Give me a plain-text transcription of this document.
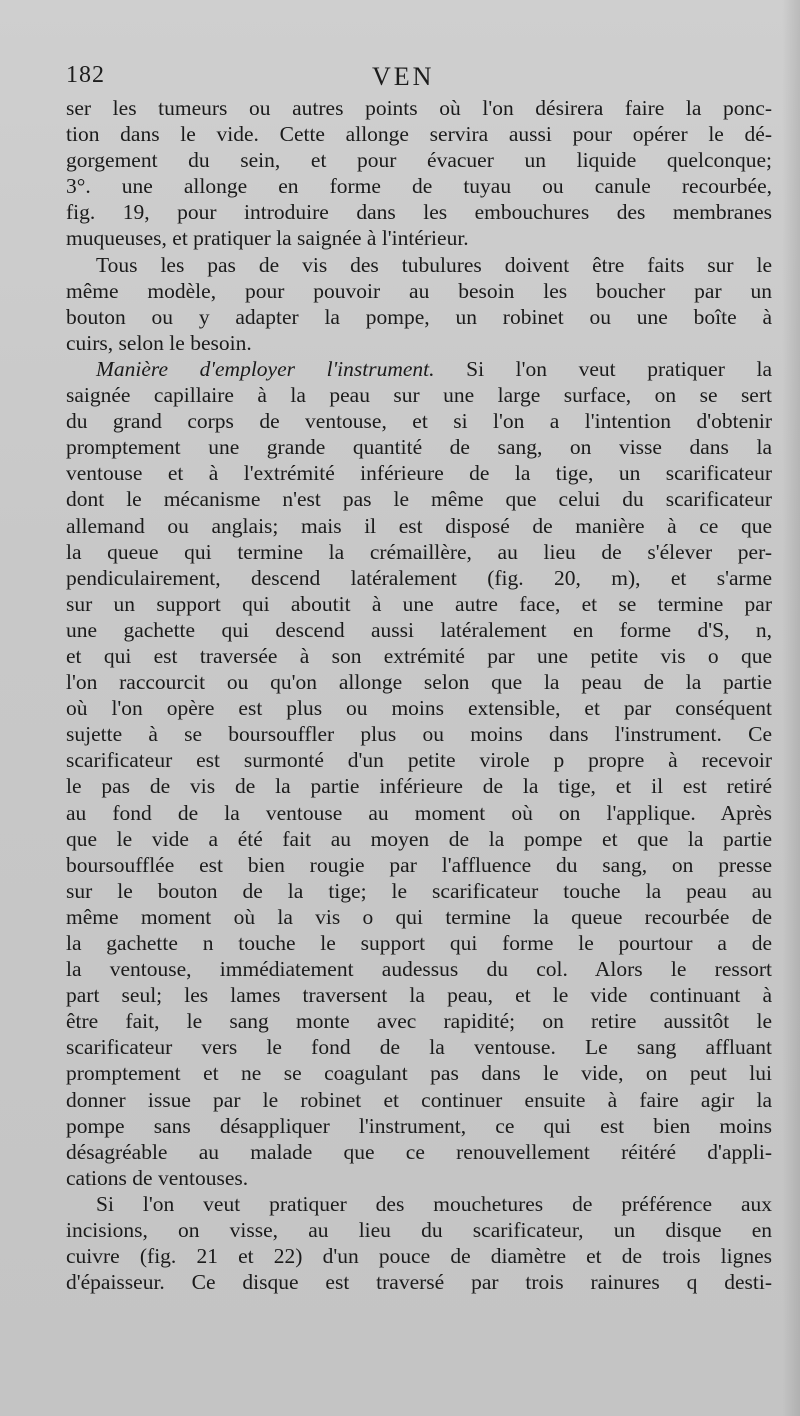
182	VEN
ser les tumeurs ou autres points où l'on désirera faire la ponc-
tion dans le vide. Cette allonge servira aussi pour opérer le dé-
gorgement du sein, et pour évacuer un liquide quelconque;
3°. une allonge en forme de tuyau ou canule recourbée,
fig. 19, pour introduire dans les embouchures des membranes
muqueuses, et pratiquer la saignée à l'intérieur.
Tous les pas de vis des tubulures doivent être faits sur le
même modèle, pour pouvoir au besoin les boucher par un
bouton ou y adapter la pompe, un robinet ou une boîte à
cuirs, selon le besoin.
Manière d'employer l'instrument. Si l'on veut pratiquer la
saignée capillaire à la peau sur une large surface, on se sert
du grand corps de ventouse, et si l'on a l'intention d'obtenir
promptement une grande quantité de sang, on visse dans la
ventouse et à l'extrémité inférieure de la tige, un scarificateur
dont le mécanisme n'est pas le même que celui du scarificateur
allemand ou anglais; mais il est disposé de manière à ce que
la queue qui termine la crémaillère, au lieu de s'élever per-
pendiculairement, descend latéralement (fig. 20, m), et s'arme
sur un support qui aboutit à une autre face, et se termine par
une gachette qui descend aussi latéralement en forme d'S, n,
et qui est traversée à son extrémité par une petite vis o que
l'on raccourcit ou qu'on allonge selon que la peau de la partie
où l'on opère est plus ou moins extensible, et par conséquent
sujette à se boursouffler plus ou moins dans l'instrument. Ce
scarificateur est surmonté d'un petite virole p propre à recevoir
le pas de vis de la partie inférieure de la tige, et il est retiré
au fond de la ventouse au moment où on l'applique. Après
que le vide a été fait au moyen de la pompe et que la partie
boursoufflée est bien rougie par l'affluence du sang, on presse
sur le bouton de la tige; le scarificateur touche la peau au
même moment où la vis o qui termine la queue recourbée de
la gachette n touche le support qui forme le pourtour a de
la ventouse, immédiatement audessus du col. Alors le ressort
part seul; les lames traversent la peau, et le vide continuant à
être fait, le sang monte avec rapidité; on retire aussitôt le
scarificateur vers le fond de la ventouse. Le sang affluant
promptement et ne se coagulant pas dans le vide, on peut lui
donner issue par le robinet et continuer ensuite à faire agir la
pompe sans désappliquer l'instrument, ce qui est bien moins
désagréable au malade que ce renouvellement réitéré d'appli-
cations de ventouses.
Si l'on veut pratiquer des mouchetures de préférence aux
incisions, on visse, au lieu du scarificateur, un disque en
cuivre (fig. 21 et 22) d'un pouce de diamètre et de trois lignes
d'épaisseur. Ce disque est traversé par trois rainures q desti-
